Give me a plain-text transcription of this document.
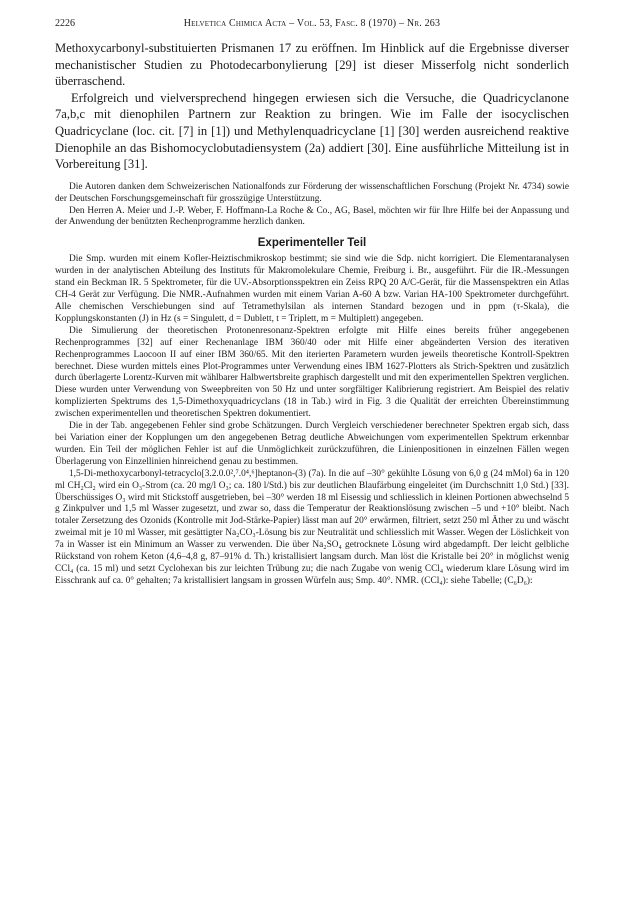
2226	Helvetica Chimica Acta – Vol. 53, Fasc. 8 (1970) – Nr. 263

Methoxycarbonyl-substituierten Prismanen 17 zu eröffnen. Im Hinblick auf die Ergebnisse diverser mechanistischer Studien zu Photodecarbonylierung [29] ist dieser Misserfolg nicht sonderlich überraschend.

Erfolgreich und vielversprechend hingegen erwiesen sich die Versuche, die Quadricyclanone 7a,b,c mit dienophilen Partnern zur Reaktion zu bringen. Wie im Falle der isocyclischen Quadricyclane (loc. cit. [7] in [1]) und Methylenquadricyclane [1] [30] werden ausreichend reaktive Dienophile an das Bishomocyclobutadiensystem (2a) addiert [30]. Eine ausführliche Mitteilung ist in Vorbereitung [31].

Die Autoren danken dem Schweizerischen Nationalfonds zur Förderung der wissenschaftlichen Forschung (Projekt Nr. 4734) sowie der Deutschen Forschungsgemeinschaft für grosszügige Unterstützung.

Den Herren A. Meier und J.-P. Weber, F. Hoffmann-La Roche & Co., AG, Basel, möchten wir für Ihre Hilfe bei der Anpassung und der Anwendung der benützten Rechenprogramme herzlich danken.

Experimenteller Teil

Die Smp. wurden mit einem Kofler-Heiztischmikroskop bestimmt; sie sind wie die Sdp. nicht korrigiert. Die Elementaranalysen wurden in der analytischen Abteilung des Instituts für Makromolekulare Chemie, Freiburg i. Br., ausgeführt. Für die IR.-Messungen stand ein Beckman IR. 5 Spektrometer, für die UV.-Absorptionsspektren ein Zeiss RPQ 20 A/C-Gerät, für die Massenspektren ein Atlas CH-4 Gerät zur Verfügung. Die NMR.-Aufnahmen wurden mit einem Varian A-60 A bzw. Varian HA-100 Spektrometer durchgeführt. Alle chemischen Verschiebungen sind auf Tetramethylsilan als internen Standard bezogen und in ppm (τ-Skala), die Kopplungskonstanten (J) in Hz (s = Singulett, d = Dublett, t = Triplett, m = Multiplett) angegeben.

Die Simulierung der theoretischen Protonenresonanz-Spektren erfolgte mit Hilfe eines bereits früher angegebenen Rechenprogrammes [32] auf einer Rechenanlage IBM 360/40 oder mit Hilfe einer abgeänderten Version des iterativen Rechenprogrammes Laocoon II auf einer IBM 360/65. Mit den iterierten Parametern wurden jeweils theoretische Kontroll-Spektren berechnet. Diese wurden mittels eines Plot-Programmes unter Verwendung eines IBM 1627-Plotters als Strich-Spektren und zusätzlich durch überlagerte Lorentz-Kurven mit wählbarer Halbwertsbreite graphisch dargestellt und mit den experimentellen Spektren verglichen. Diese wurden unter Verwendung von Sweepbreiten von 50 Hz und unter sorgfältiger Kalibrierung registriert. Am Beispiel des relativ komplizierten Spektrums des 1,5-Dimethoxyquadricyclans (18 in Tab.) wird in Fig. 3 die Qualität der erreichten Übereinstimmung zwischen experimentellen und theoretischen Spektren dokumentiert.

Die in der Tab. angegebenen Fehler sind grobe Schätzungen. Durch Vergleich verschiedener berechneter Spektren ergab sich, dass bei Variation einer der Kopplungen um den angegebenen Betrag deutliche Abweichungen vom experimentellen Spektrum erkennbar wurden. Ein Teil der möglichen Fehler ist auf die Unmöglichkeit zurückzuführen, die Linienpositionen in einzelnen Fällen wegen Überlagerung von Einzellinien hinreichend genau zu bestimmen.

1,5-Di-methoxycarbonyl-tetracyclo[3.2.0.0²,⁷.0⁴,⁶]heptanon-(3) (7a). In die auf –30° gekühlte Lösung von 6,0 g (24 mMol) 6a in 120 ml CH₂Cl₂ wird ein O₃-Strom (ca. 20 mg/l O₃; ca. 180 l/Std.) bis zur deutlichen Blaufärbung eingeleitet (im Durchschnitt 1,0 Std.) [33]. Überschüssiges O₃ wird mit Stickstoff ausgetrieben, bei –30° werden 18 ml Eisessig und schliesslich in kleinen Portionen abwechselnd 5 g Zinkpulver und 1,5 ml Wasser zugesetzt, und zwar so, dass die Temperatur der Reaktionslösung zwischen –5 und +10° bleibt. Nach totaler Zersetzung des Ozonids (Kontrolle mit Jod-Stärke-Papier) lässt man auf 20° erwärmen, filtriert, setzt 250 ml Äther zu und wäscht zweimal mit je 10 ml Wasser, mit gesättigter Na₂CO₃-Lösung bis zur Neutralität und schliesslich mit Wasser. Wegen der Löslichkeit von 7a in Wasser ist ein Minimum an Wasser zu verwenden. Die über Na₂SO₄ getrocknete Lösung wird abgedampft. Der leicht gelbliche Rückstand von rohem Keton (4,6–4,8 g, 87–91% d. Th.) kristallisiert langsam durch. Man löst die Kristalle bei 20° in möglichst wenig CCl₄ (ca. 15 ml) und setzt Cyclohexan bis zur leichten Trübung zu; die nach Zugabe von wenig CCl₄ wiederum klare Lösung wird im Eisschrank auf ca. 0° gehalten; 7a kristallisiert langsam in grossen Würfeln aus; Smp. 40°. NMR. (CCl₄): siehe Tabelle; (C₆D₆):
